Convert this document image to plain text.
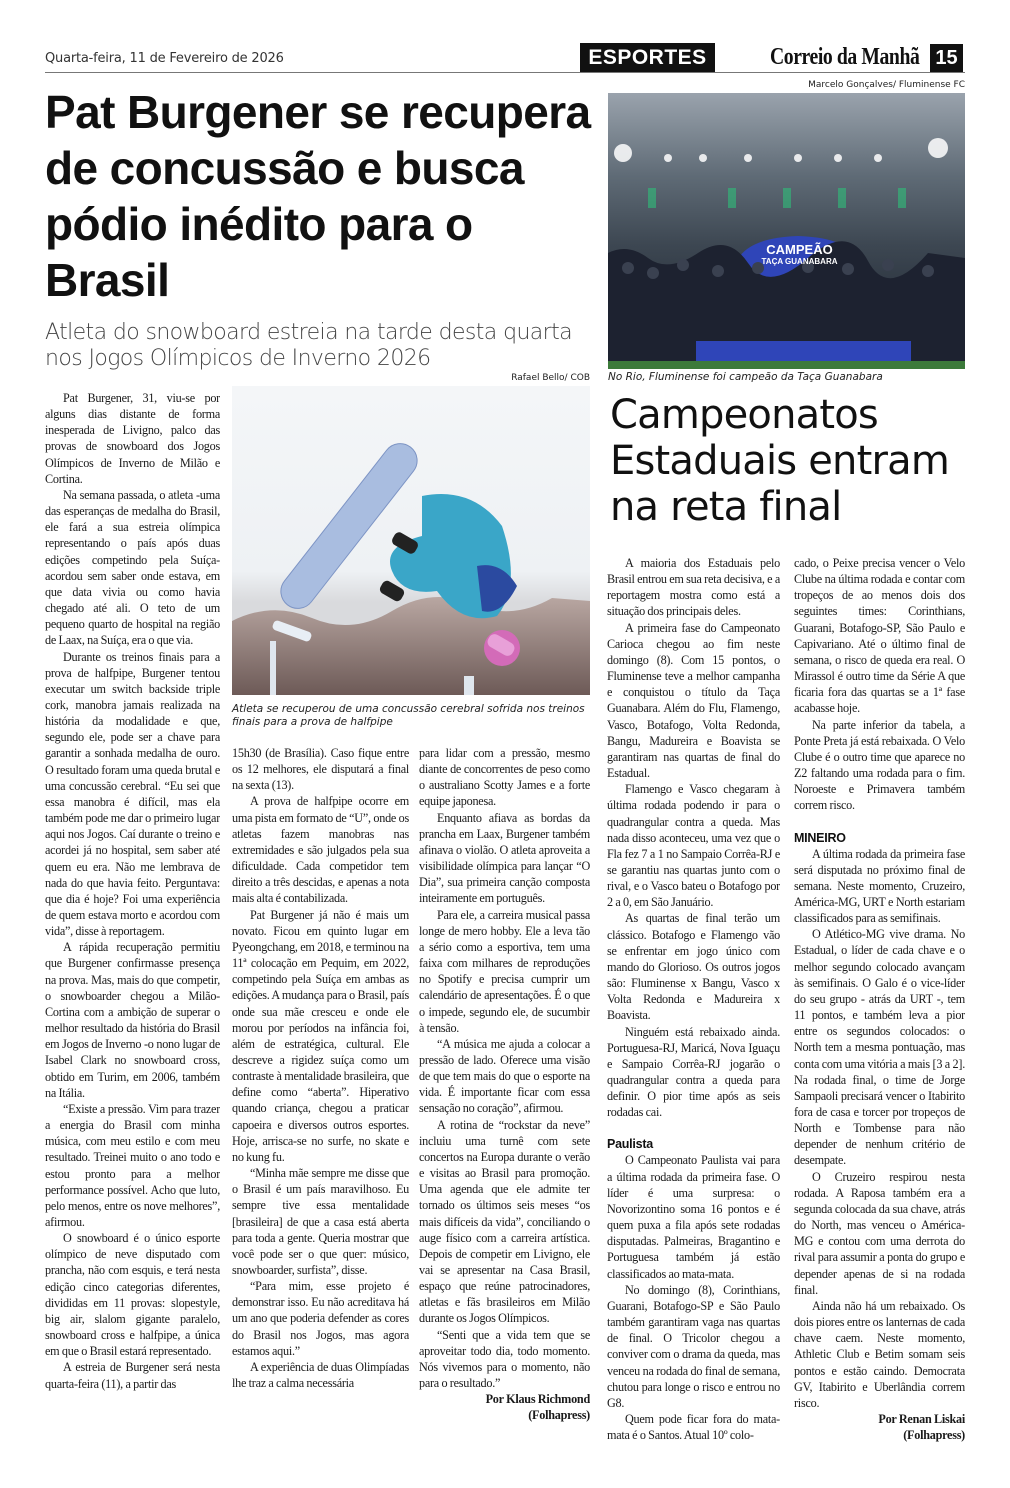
Quarta-feira, 11 de Fevereiro de 2026	ESPORTES	Correio da Manhã 15
Pat Burgener se recupera de concussão e busca pódio inédito para o Brasil
Atleta do snowboard estreia na tarde desta quarta nos Jogos Olímpicos de Inverno 2026
Rafael Bello/ COB
Atleta se recuperou de uma concussão cerebral sofrida nos treinos finais para a prova de halfpipe

Pat Burgener, 31, viu-se por alguns dias distante de forma inesperada de Livigno, palco das provas de snowboard dos Jogos Olímpicos de Inverno de Milão e Cortina.

Na semana passada, o atleta -uma das esperanças de medalha do Brasil, ele fará a sua estreia olímpica representando o país após duas edições competindo pela Suíça- acordou sem saber onde estava, em que data vivia ou como havia chegado até ali. O teto de um pequeno quarto de hospital na região de Laax, na Suíça, era o que via.

Durante os treinos finais para a prova de halfpipe, Burgener tentou executar um switch backside triple cork, manobra jamais realizada na história da modalidade e que, segundo ele, pode ser a chave para garantir a sonhada medalha de ouro. O resultado foram uma queda brutal e uma concussão cerebral. “Eu sei que essa manobra é difícil, mas ela também pode me dar o primeiro lugar aqui nos Jogos. Caí durante o treino e acordei já no hospital, sem saber até quem eu era. Não me lembrava de nada do que havia feito. Perguntava: que dia é hoje? Foi uma experiência de quem estava morto e acordou com vida”, disse à reportagem.

A rápida recuperação permitiu que Burgener confirmasse presença na prova. Mas, mais do que competir, o snowboarder chegou a Milão-Cortina com a ambição de superar o melhor resultado da história do Brasil em Jogos de Inverno -o nono lugar de Isabel Clark no snowboard cross, obtido em Turim, em 2006, também na Itália.

“Existe a pressão. Vim para trazer a energia do Brasil com minha música, com meu estilo e com meu resultado. Treinei muito o ano todo e estou pronto para a melhor performance possível. Acho que luto, pelo menos, entre os nove melhores”, afirmou.

O snowboard é o único esporte olímpico de neve disputado com prancha, não com esquis, e terá nesta edição cinco categorias diferentes, divididas em 11 provas: slopestyle, big air, slalom gigante paralelo, snowboard cross e halfpipe, a única em que o Brasil estará representado.

A estreia de Burgener será nesta quarta-feira (11), a partir das

15h30 (de Brasília). Caso fique entre os 12 melhores, ele disputará a final na sexta (13).

A prova de halfpipe ocorre em uma pista em formato de “U”, onde os atletas fazem manobras nas extremidades e são julgados pela sua dificuldade. Cada competidor tem direito a três descidas, e apenas a nota mais alta é contabilizada.

Pat Burgener já não é mais um novato. Ficou em quinto lugar em Pyeongchang, em 2018, e terminou na 11ª colocação em Pequim, em 2022, competindo pela Suíça em ambas as edições. A mudança para o Brasil, país onde sua mãe cresceu e onde ele morou por períodos na infância foi, além de estratégica, cultural. Ele descreve a rigidez suíça como um contraste à mentalidade brasileira, que define como “aberta”. Hiperativo quando criança, chegou a praticar capoeira e diversos outros esportes. Hoje, arrisca-se no surfe, no skate e no kung fu.

“Minha mãe sempre me disse que o Brasil é um país maravilhoso. Eu sempre tive essa mentalidade [brasileira] de que a casa está aberta para toda a gente. Queria mostrar que você pode ser o que quer: músico, snowboarder, surfista”, disse.

“Para mim, esse projeto é demonstrar isso. Eu não acreditava há um ano que poderia defender as cores do Brasil nos Jogos, mas agora estamos aqui.”

A experiência de duas Olimpíadas lhe traz a calma necessária

para lidar com a pressão, mesmo diante de concorrentes de peso como o australiano Scotty James e a forte equipe japonesa.

Enquanto afiava as bordas da prancha em Laax, Burgener também afinava o violão. O atleta aproveita a visibilidade olímpica para lançar “O Dia”, sua primeira canção composta inteiramente em português.

Para ele, a carreira musical passa longe de mero hobby. Ele a leva tão a sério como a esportiva, tem uma faixa com milhares de reproduções no Spotify e precisa cumprir um calendário de apresentações. É o que o impede, segundo ele, de sucumbir à tensão.

“A música me ajuda a colocar a pressão de lado. Oferece uma visão de que tem mais do que o esporte na vida. É importante ficar com essa sensação no coração”, afirmou.

A rotina de “rockstar da neve” incluiu uma turnê com sete concertos na Europa durante o verão e visitas ao Brasil para promoção. Uma agenda que ele admite ter tornado os últimos seis meses “os mais difíceis da vida”, conciliando o auge físico com a carreira artística. Depois de competir em Livigno, ele vai se apresentar na Casa Brasil, espaço que reúne patrocinadores, atletas e fãs brasileiros em Milão durante os Jogos Olímpicos.

“Senti que a vida tem que se aproveitar todo dia, todo momento. Nós vivemos para o momento, não para o resultado.”

Por Klaus Richmond

(Folhapress)

Marcelo Gonçalves/ Fluminense FC
CAMPEÃO
TAÇA GUANABARA
No Rio, Fluminense foi campeão da Taça Guanabara
Campeonatos Estaduais entram na reta final

A maioria dos Estaduais pelo Brasil entrou em sua reta decisiva, e a reportagem mostra como está a situação dos principais deles.

A primeira fase do Campeonato Carioca chegou ao fim neste domingo (8). Com 15 pontos, o Fluminense teve a melhor campanha e conquistou o título da Taça Guanabara. Além do Flu, Flamengo, Vasco, Botafogo, Volta Redonda, Bangu, Madureira e Boavista se garantiram nas quartas de final do Estadual.

Flamengo e Vasco chegaram à última rodada podendo ir para o quadrangular contra a queda. Mas nada disso aconteceu, uma vez que o Fla fez 7 a 1 no Sampaio Corrêa-RJ e se garantiu nas quartas junto com o rival, e o Vasco bateu o Botafogo por 2 a 0, em São Januário.

As quartas de final terão um clássico. Botafogo e Flamengo vão se enfrentar em jogo único com mando do Glorioso. Os outros jogos são: Fluminense x Bangu, Vasco x Volta Redonda e Madureira x Boavista.

Ninguém está rebaixado ainda. Portuguesa-RJ, Maricá, Nova Iguaçu e Sampaio Corrêa-RJ jogarão o quadrangular contra a queda para definir. O pior time após as seis rodadas cai.

Paulista

O Campeonato Paulista vai para a última rodada da primeira fase. O líder é uma surpresa: o Novorizontino soma 16 pontos e é quem puxa a fila após sete rodadas disputadas. Palmeiras, Bragantino e Portuguesa também já estão classificados ao mata-mata.

No domingo (8), Corinthians, Guarani, Botafogo-SP e São Paulo também garantiram vaga nas quartas de final. O Tricolor chegou a conviver com o drama da queda, mas venceu na rodada do final de semana, chutou para longe o risco e entrou no G8.

Quem pode ficar fora do mata-mata é o Santos. Atual 10º colo-

cado, o Peixe precisa vencer o Velo Clube na última rodada e contar com tropeços de ao menos dois dos seguintes times: Corinthians, Guarani, Botafogo-SP, São Paulo e Capivariano. Até o último final de semana, o risco de queda era real. O Mirassol é outro time da Série A que ficaria fora das quartas se a 1ª fase acabasse hoje.

Na parte inferior da tabela, a Ponte Preta já está rebaixada. O Velo Clube é o outro time que aparece no Z2 faltando uma rodada para o fim. Noroeste e Primavera também correm risco.

MINEIRO

A última rodada da primeira fase será disputada no próximo final de semana. Neste momento, Cruzeiro, América-MG, URT e North estariam classificados para as semifinais.

O Atlético-MG vive drama. No Estadual, o líder de cada chave e o melhor segundo colocado avançam às semifinais. O Galo é o vice-líder do seu grupo - atrás da URT -, tem 11 pontos, e também leva a pior entre os segundos colocados: o North tem a mesma pontuação, mas conta com uma vitória a mais [3 a 2]. Na rodada final, o time de Jorge Sampaoli precisará vencer o Itabirito fora de casa e torcer por tropeços de North e Tombense para não depender de nenhum critério de desempate.

O Cruzeiro respirou nesta rodada. A Raposa também era a segunda colocada da sua chave, atrás do North, mas venceu o América-MG e contou com uma derrota do rival para assumir a ponta do grupo e depender apenas de si na rodada final.

Ainda não há um rebaixado. Os dois piores entre os lanternas de cada chave caem. Neste momento, Athletic Club e Betim somam seis pontos e estão caindo. Democrata GV, Itabirito e Uberlândia correm risco.

Por Renan Liskai

(Folhapress)
